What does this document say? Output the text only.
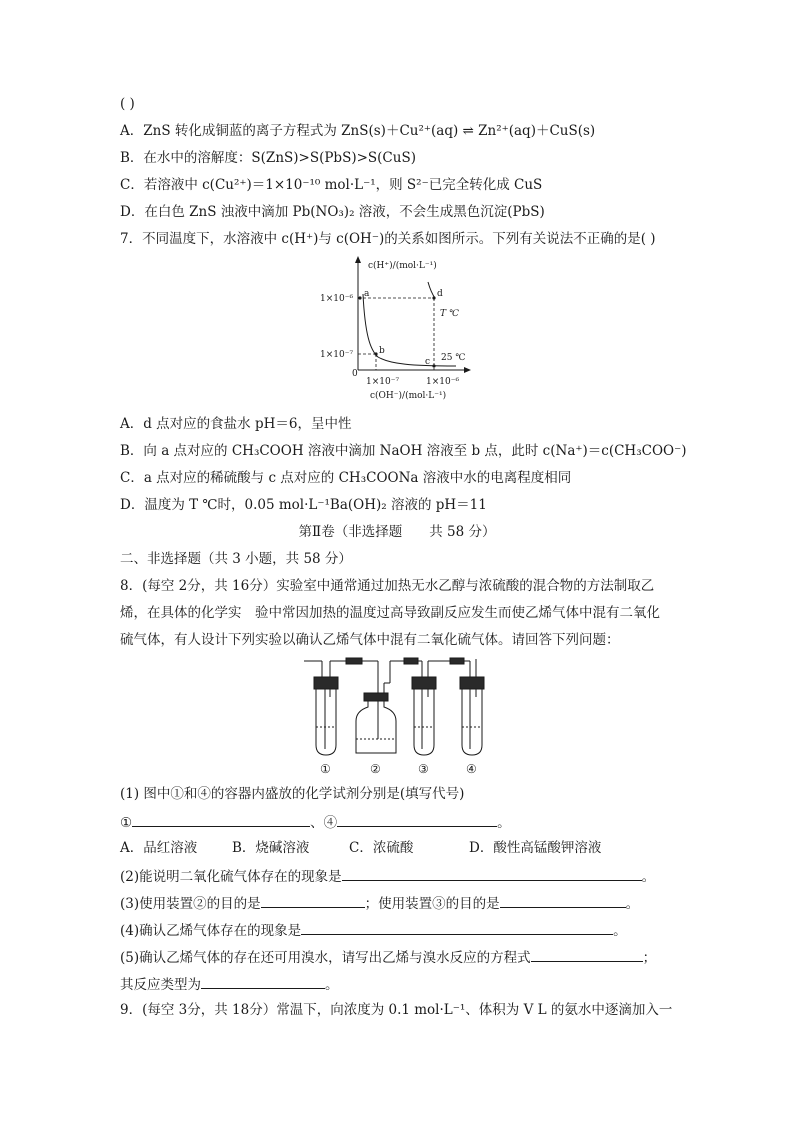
( )
A．ZnS 转化成铜蓝的离子方程式为 ZnS(s)＋Cu²⁺(aq) ⇌ Zn²⁺(aq)＋CuS(s)
B．在水中的溶解度：S(ZnS)>S(PbS)>S(CuS)
C．若溶液中 c(Cu²⁺)＝1×10⁻¹⁰ mol·L⁻¹，则 S²⁻已完全转化成 CuS
D．在白色 ZnS 浊液中滴加 Pb(NO₃)₂ 溶液，不会生成黑色沉淀(PbS)
7．不同温度下，水溶液中 c(H⁺)与 c(OH⁻)的关系如图所示。下列有关说法不正确的是( )
c(H⁺)/(mol·L⁻¹)
c(OH⁻)/(mol·L⁻¹)
1×10⁻⁶
1×10⁻⁷
1×10⁻⁷	1×10⁻⁶
0
a
b
c
d
T ℃
25 ℃
A．d 点对应的食盐水 pH＝6，呈中性
B．向 a 点对应的 CH₃COOH 溶液中滴加 NaOH 溶液至 b 点，此时 c(Na⁺)＝c(CH₃COO⁻)
C．a 点对应的稀硫酸与 c 点对应的 CH₃COONa 溶液中水的电离程度相同
D．温度为 T ℃时，0.05 mol·L⁻¹Ba(OH)₂ 溶液的 pH＝11
第Ⅱ卷（非选择题　　共 58 分）
二、非选择题（共 3 小题，共 58 分）
8．(每空 2分，共 16分）实验室中通常通过加热无水乙醇与浓硫酸的混合物的方法制取乙
烯，在具体的化学实　验中常因加热的温度过高导致副反应发生而使乙烯气体中混有二氧化
硫气体，有人设计下列实验以确认乙烯气体中混有二氧化硫气体。请回答下列问题：
①	②	③	④
(1) 图中①和④的容器内盛放的化学试剂分别是(填写代号)
①	、④	。
A．品红溶液	B．烧碱溶液	C．浓硫酸	D．酸性高锰酸钾溶液
(2)能说明二氧化硫气体存在的现象是	。
(3)使用装置②的目的是	；使用装置③的目的是	。
(4)确认乙烯气体存在的现象是	。
(5)确认乙烯气体的存在还可用溴水，请写出乙烯与溴水反应的方程式	；
其反应类型为	。
9．(每空 3分，共 18分）常温下，向浓度为 0.1 mol·L⁻¹、体积为 V L 的氨水中逐滴加入一
